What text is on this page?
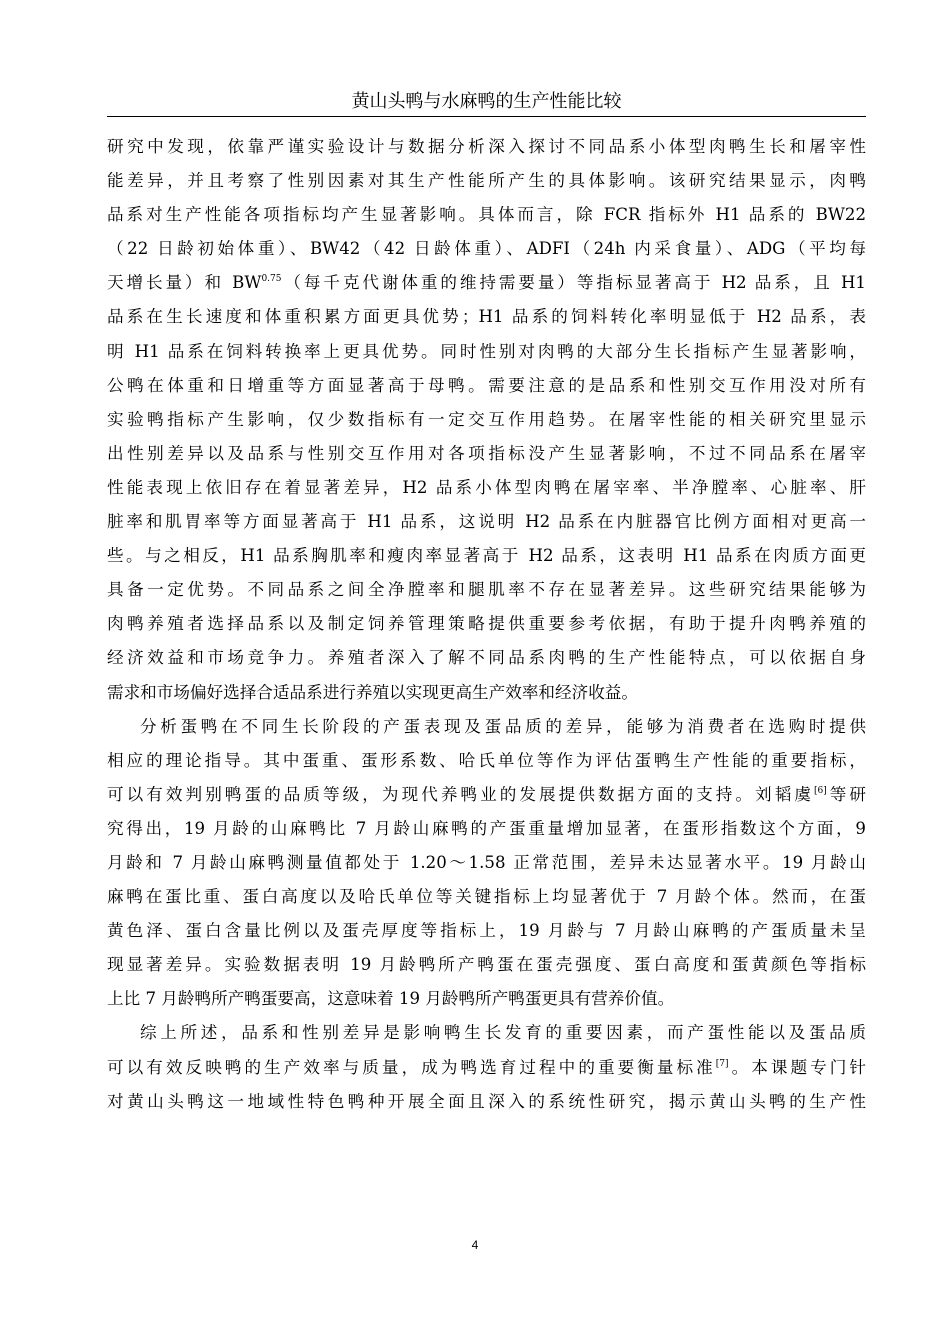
黄山头鸭与水麻鸭的生产性能比较
研究中发现，依靠严谨实验设计与数据分析深入探讨不同品系小体型肉鸭生长和屠宰性
能差异，并且考察了性别因素对其生产性能所产生的具体影响。该研究结果显示，肉鸭
品系对生产性能各项指标均产生显著影响。具体而言，除 FCR 指标外 H1 品系的 BW22
（22 日龄初始体重）、BW42（42 日龄体重）、ADFI（24h 内采食量）、ADG（平均每
天增长量）和 $BW^{0.75}$（每千克代谢体重的维持需要量）等指标显著高于 H2 品系，且 H1
品系在生长速度和体重积累方面更具优势；H1 品系的饲料转化率明显低于 H2 品系，表
明 H1 品系在饲料转换率上更具优势。同时性别对肉鸭的大部分生长指标产生显著影响，
公鸭在体重和日增重等方面显著高于母鸭。需要注意的是品系和性别交互作用没对所有
实验鸭指标产生影响，仅少数指标有一定交互作用趋势。在屠宰性能的相关研究里显示
出性别差异以及品系与性别交互作用对各项指标没产生显著影响，不过不同品系在屠宰
性能表现上依旧存在着显著差异，H2 品系小体型肉鸭在屠宰率、半净膛率、心脏率、肝
脏率和肌胃率等方面显著高于 H1 品系，这说明 H2 品系在内脏器官比例方面相对更高一
些。与之相反，H1 品系胸肌率和瘦肉率显著高于 H2 品系，这表明 H1 品系在肉质方面更
具备一定优势。不同品系之间全净膛率和腿肌率不存在显著差异。这些研究结果能够为
肉鸭养殖者选择品系以及制定饲养管理策略提供重要参考依据，有助于提升肉鸭养殖的
经济效益和市场竞争力。养殖者深入了解不同品系肉鸭的生产性能特点，可以依据自身
需求和市场偏好选择合适品系进行养殖以实现更高生产效率和经济收益。
分析蛋鸭在不同生长阶段的产蛋表现及蛋品质的差异，能够为消费者在选购时提供
相应的理论指导。其中蛋重、蛋形系数、哈氏单位等作为评估蛋鸭生产性能的重要指标，
可以有效判别鸭蛋的品质等级，为现代养鸭业的发展提供数据方面的支持。刘韬虞[6]等研
究得出，19 月龄的山麻鸭比 7 月龄山麻鸭的产蛋重量增加显著，在蛋形指数这个方面，9
月龄和 7 月龄山麻鸭测量值都处于 1.20～1.58 正常范围，差异未达显著水平。19 月龄山
麻鸭在蛋比重、蛋白高度以及哈氏单位等关键指标上均显著优于 7 月龄个体。然而，在蛋
黄色泽、蛋白含量比例以及蛋壳厚度等指标上，19 月龄与 7 月龄山麻鸭的产蛋质量未呈
现显著差异。实验数据表明 19 月龄鸭所产鸭蛋在蛋壳强度、蛋白高度和蛋黄颜色等指标
上比 7 月龄鸭所产鸭蛋要高，这意味着 19 月龄鸭所产鸭蛋更具有营养价值。
综上所述，品系和性别差异是影响鸭生长发育的重要因素，而产蛋性能以及蛋品质
可以有效反映鸭的生产效率与质量，成为鸭选育过程中的重要衡量标准[7]。本课题专门针
对黄山头鸭这一地域性特色鸭种开展全面且深入的系统性研究，揭示黄山头鸭的生产性
4
